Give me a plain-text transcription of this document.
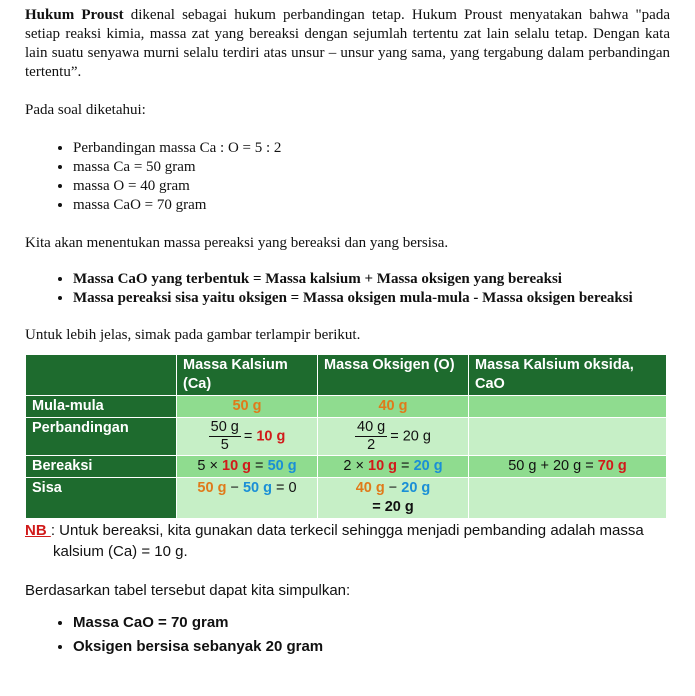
Hukum Proust dikenal sebagai hukum perbandingan tetap. Hukum Proust menyatakan bahwa "pada setiap reaksi kimia, massa zat yang bereaksi dengan sejumlah tertentu zat lain selalu tetap. Dengan kata lain suatu senyawa murni selalu terdiri atas unsur – unsur yang sama, yang tergabung dalam perbandingan tertentu”.

Pada soal diketahui:

• Perbandingan massa Ca : O = 5 : 2
• massa Ca = 50 gram
• massa O = 40 gram
• massa CaO = 70 gram

Kita akan menentukan massa pereaksi yang bereaksi dan yang bersisa.

• Massa CaO yang terbentuk = Massa kalsium + Massa oksigen yang bereaksi
• Massa pereaksi sisa yaitu oksigen = Massa oksigen mula-mula - Massa oksigen bereaksi

Untuk lebih jelas, simak pada gambar terlampir berikut.

	Massa Kalsium (Ca)	Massa Oksigen (O)	Massa Kalsium oksida, CaO
Mula-mula	50 g	40 g	
Perbandingan	$\frac{50 g}{5} = 10$ g	$\frac{40 g}{2} = 20$ g	
Bereaksi	5 × 10 g = 50 g	2 × 10 g = 20 g	50 g + 20 g = 70 g
Sisa	50 g − 50 g = 0	40 g − 20 g
= 20 g	

NB : Untuk bereaksi, kita gunakan data terkecil sehingga menjadi pembanding adalah massa kalsium (Ca) = 10 g.

Berdasarkan tabel tersebut dapat kita simpulkan:

• Massa CaO = 70 gram
• Oksigen bersisa sebanyak 20 gram
